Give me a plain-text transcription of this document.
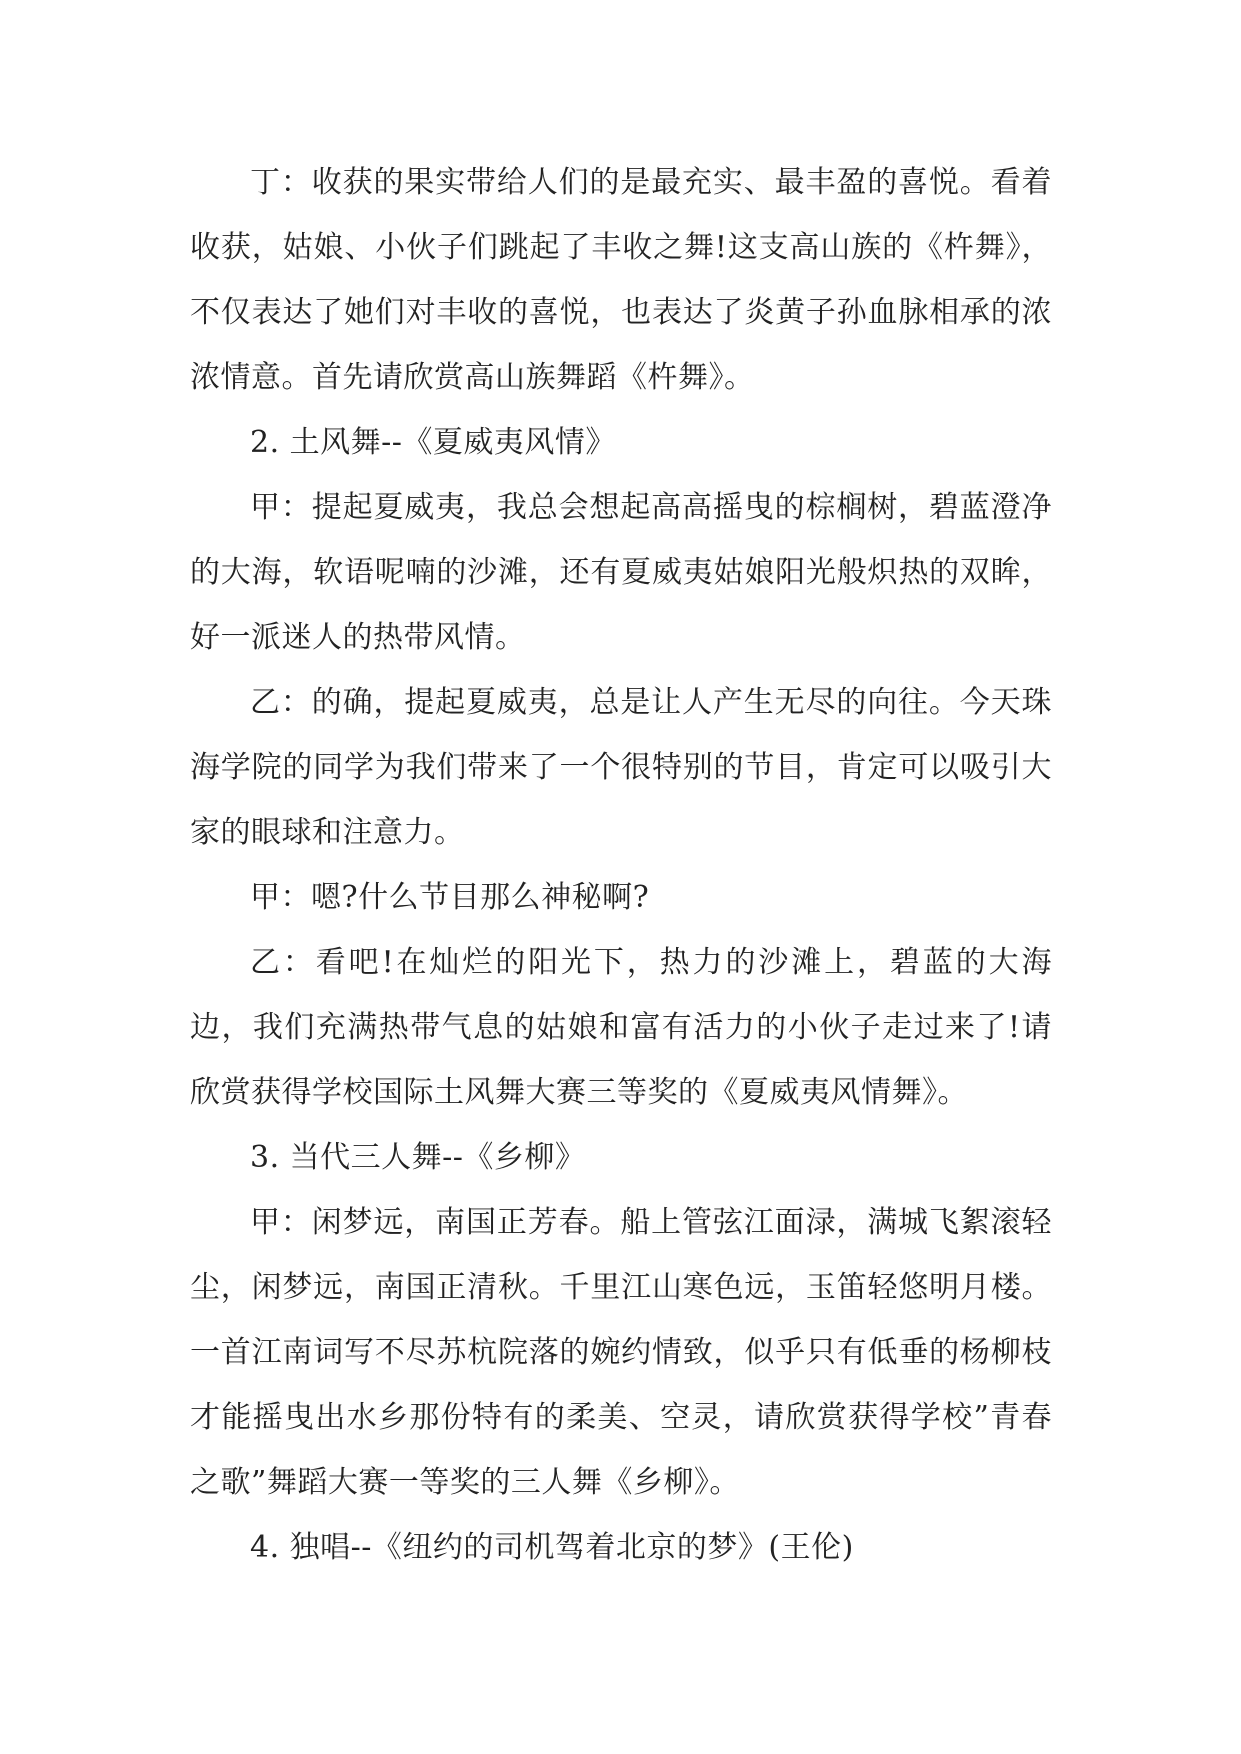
丁：收获的果实带给人们的是最充实、最丰盈的喜悦。看着收获，姑娘、小伙子们跳起了丰收之舞!这支高山族的《杵舞》，不仅表达了她们对丰收的喜悦，也表达了炎黄子孙血脉相承的浓浓情意。首先请欣赏高山族舞蹈《杵舞》。

2. 土风舞--《夏威夷风情》

甲：提起夏威夷，我总会想起高高摇曳的棕榈树，碧蓝澄净的大海，软语呢喃的沙滩，还有夏威夷姑娘阳光般炽热的双眸，好一派迷人的热带风情。

乙：的确，提起夏威夷，总是让人产生无尽的向往。今天珠海学院的同学为我们带来了一个很特别的节目，肯定可以吸引大家的眼球和注意力。

甲：嗯?什么节目那么神秘啊?

乙：看吧!在灿烂的阳光下，热力的沙滩上，碧蓝的大海边，我们充满热带气息的姑娘和富有活力的小伙子走过来了!请欣赏获得学校国际土风舞大赛三等奖的《夏威夷风情舞》。

3. 当代三人舞--《乡柳》

甲：闲梦远，南国正芳春。船上管弦江面渌，满城飞絮滚轻尘，闲梦远，南国正清秋。千里江山寒色远，玉笛轻悠明月楼。一首江南词写不尽苏杭院落的婉约情致，似乎只有低垂的杨柳枝才能摇曳出水乡那份特有的柔美、空灵，请欣赏获得学校”青春之歌”舞蹈大赛一等奖的三人舞《乡柳》。

4. 独唱--《纽约的司机驾着北京的梦》(王伦)
